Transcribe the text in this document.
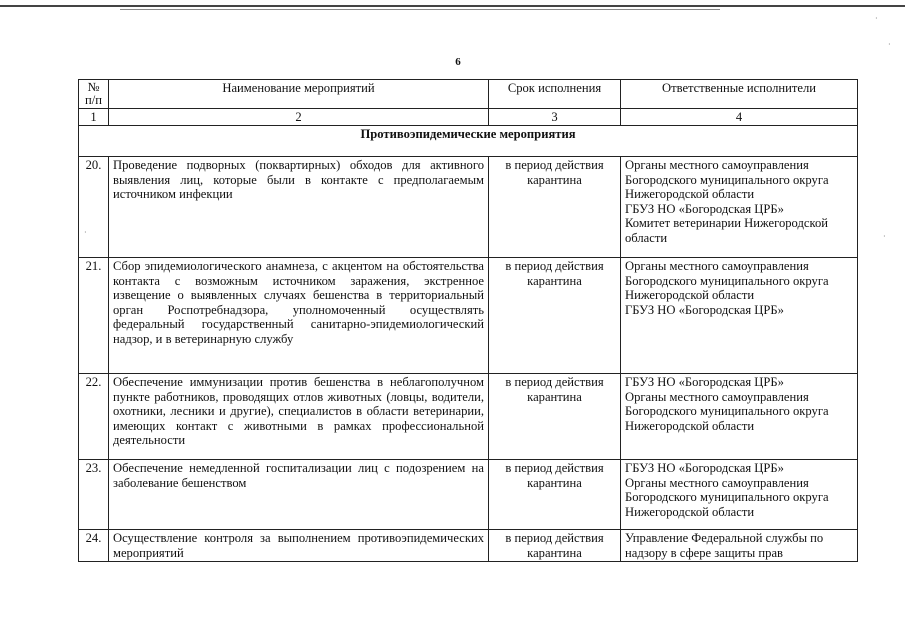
6
·
·
·
·
№ п/п	Наименование мероприятий	Срок исполнения	Ответственные исполнители
1	2	3	4
Противоэпидемические мероприятия			
20.	Проведение подворных (поквартирных) обходов для активного выявления лиц, которые были в контакте с предполагаемым источником инфекции	в период действия карантина	Органы местного самоуправления Богородского муниципального округа Нижегородской области
ГБУЗ НО «Богородская ЦРБ»
Комитет ветеринарии Нижегородской области

21.	Сбор эпидемиологического анамнеза, с акцентом на обстоятельства контакта с возможным источником заражения, экстренное извещение о выявленных случаях бешенства в территориальный орган Роспотребнадзора, уполномоченный осуществлять федеральный государственный санитарно-эпидемиологический надзор, и в ветеринарную службу	в период действия карантина	Органы местного самоуправления Богородского муниципального округа Нижегородской области
ГБУЗ НО «Богородская ЦРБ»

22.	Обеспечение иммунизации против бешенства в неблагополучном пункте работников, проводящих отлов животных (ловцы, водители, охотники, лесники и другие), специалистов в области ветеринарии, имеющих контакт с животными в рамках профессиональной деятельности	в период действия карантина	ГБУЗ НО «Богородская ЦРБ»
Органы местного самоуправления Богородского муниципального округа Нижегородской области

23.	Обеспечение немедленной госпитализации лиц с подозрением на заболевание бешенством	в период действия карантина	ГБУЗ НО «Богородская ЦРБ»
Органы местного самоуправления Богородского муниципального округа Нижегородской области

24.	Осуществление контроля за выполнением противоэпидемических мероприятий	в период действия карантина	Управление Федеральной службы по надзору в сфере защиты прав
